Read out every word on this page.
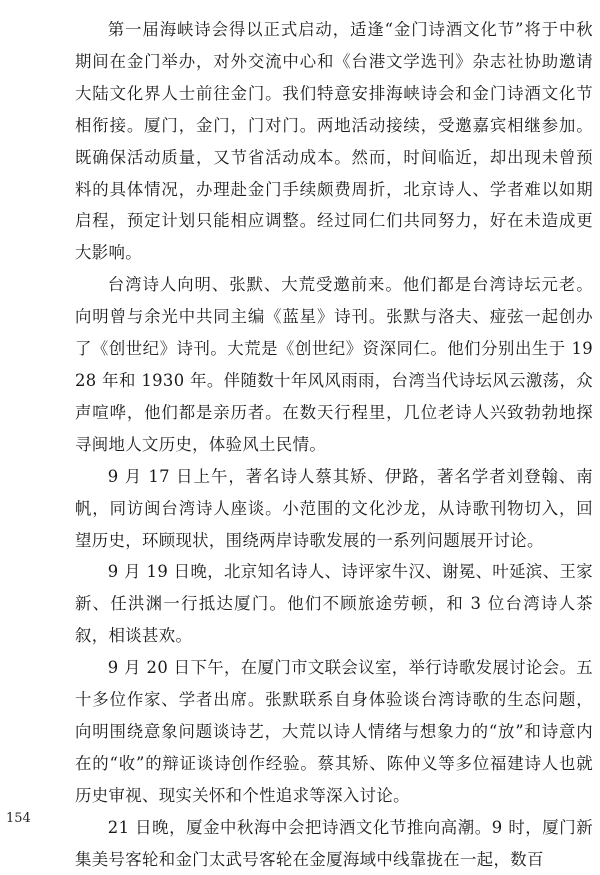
第一届海峡诗会得以正式启动，适逢“金门诗酒文化节”将于中秋期间在金门举办，对外交流中心和《台港文学选刊》杂志社协助邀请大陆文化界人士前往金门。我们特意安排海峡诗会和金门诗酒文化节相衔接。厦门，金门，门对门。两地活动接续，受邀嘉宾相继参加。既确保活动质量，又节省活动成本。然而，时间临近，却出现未曾预料的具体情况，办理赴金门手续颇费周折，北京诗人、学者难以如期启程，预定计划只能相应调整。经过同仁们共同努力，好在未造成更大影响。

台湾诗人向明、张默、大荒受邀前来。他们都是台湾诗坛元老。向明曾与余光中共同主编《蓝星》诗刊。张默与洛夫、痖弦一起创办了《创世纪》诗刊。大荒是《创世纪》资深同仁。他们分别出生于 1928 年和 1930 年。伴随数十年风风雨雨，台湾当代诗坛风云激荡，众声喧哗，他们都是亲历者。在数天行程里，几位老诗人兴致勃勃地探寻闽地人文历史，体验风土民情。

9 月 17 日上午，著名诗人蔡其矫、伊路，著名学者刘登翰、南帆，同访闽台湾诗人座谈。小范围的文化沙龙，从诗歌刊物切入，回望历史，环顾现状，围绕两岸诗歌发展的一系列问题展开讨论。

9 月 19 日晚，北京知名诗人、诗评家牛汉、谢冕、叶延滨、王家新、任洪渊一行抵达厦门。他们不顾旅途劳顿，和 3 位台湾诗人茶叙，相谈甚欢。

9 月 20 日下午，在厦门市文联会议室，举行诗歌发展讨论会。五十多位作家、学者出席。张默联系自身体验谈台湾诗歌的生态问题，向明围绕意象问题谈诗艺，大荒以诗人情绪与想象力的“放”和诗意内在的“收”的辩证谈诗创作经验。蔡其矫、陈仲义等多位福建诗人也就历史审视、现实关怀和个性追求等深入讨论。

21 日晚，厦金中秋海中会把诗酒文化节推向高潮。9 时，厦门新集美号客轮和金门太武号客轮在金厦海域中线靠拢在一起，数百

154
